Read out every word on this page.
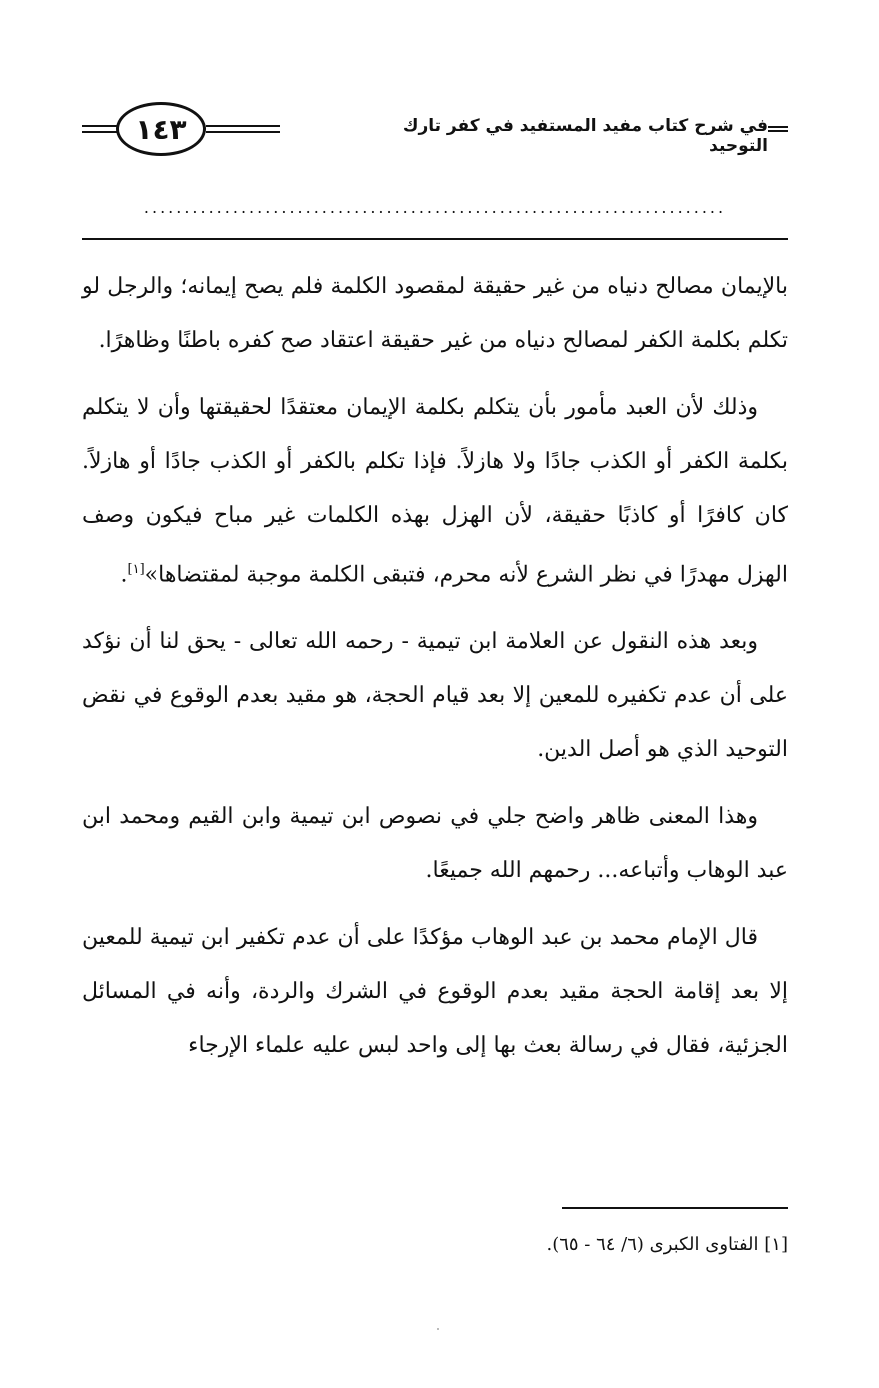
في شرح كتاب مفيد المستفيد في كفر تارك التوحيد
١٤٣
........................................................................

بالإيمان مصالح دنياه من غير حقيقة لمقصود الكلمة فلم يصح إيمانه؛ والرجل لو تكلم بكلمة الكفر لمصالح دنياه من غير حقيقة اعتقاد صح كفره باطنًا وظاهرًا.

وذلك لأن العبد مأمور بأن يتكلم بكلمة الإيمان معتقدًا لحقيقتها وأن لا يتكلم بكلمة الكفر أو الكذب جادًا ولا هازلاً. فإذا تكلم بالكفر أو الكذب جادًا أو هازلاً. كان كافرًا أو كاذبًا حقيقة، لأن الهزل بهذه الكلمات غير مباح فيكون وصف الهزل مهدرًا في نظر الشرع لأنه محرم، فتبقى الكلمة موجبة لمقتضاها»[١].

وبعد هذه النقول عن العلامة ابن تيمية - رحمه الله تعالى - يحق لنا أن نؤكد على أن عدم تكفيره للمعين إلا بعد قيام الحجة، هو مقيد بعدم الوقوع في نقض التوحيد الذي هو أصل الدين.

وهذا المعنى ظاهر واضح جلي في نصوص ابن تيمية وابن القيم ومحمد ابن عبد الوهاب وأتباعه... رحمهم الله جميعًا.

قال الإمام محمد بن عبد الوهاب مؤكدًا على أن عدم تكفير ابن تيمية للمعين إلا بعد إقامة الحجة مقيد بعدم الوقوع في الشرك والردة، وأنه في المسائل الجزئية، فقال في رسالة بعث بها إلى واحد لبس عليه علماء الإرجاء

[١] الفتاوى الكبرى (٦/ ٦٤ - ٦٥).
